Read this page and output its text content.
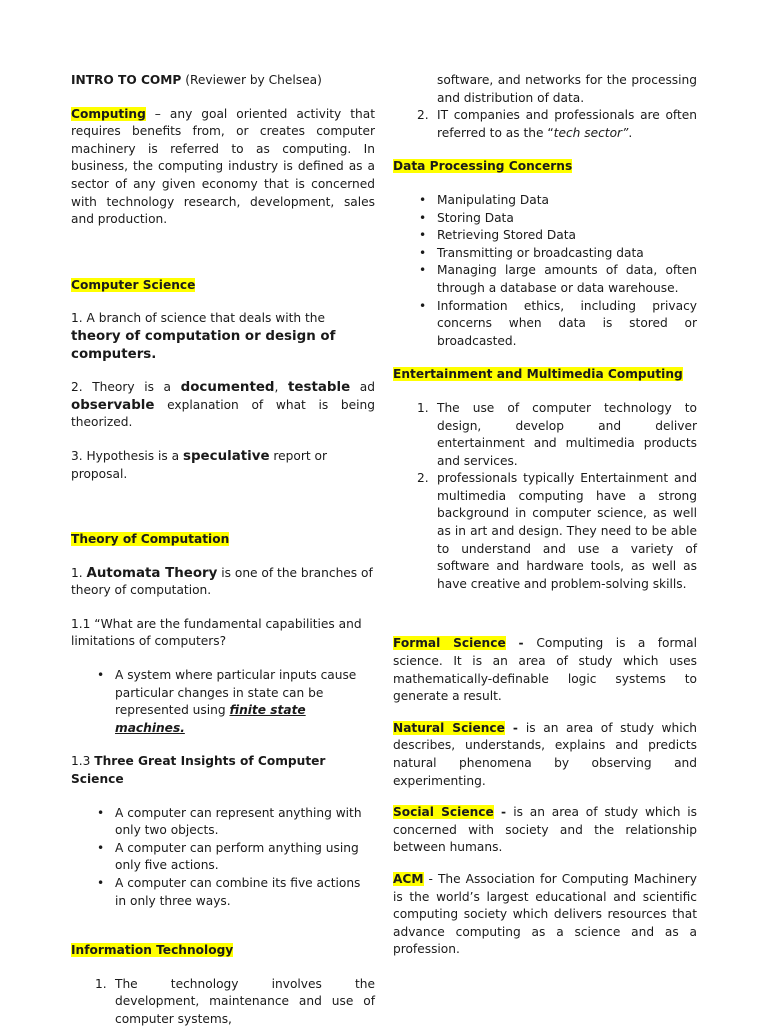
INTRO TO COMP (Reviewer by Chelsea)

Computing – any goal oriented activity that requires benefits from, or creates computer machinery is referred to as computing. In business, the computing industry is defined as a sector of any given economy that is concerned with technology research, development, sales and production.

Computer Science

1. A branch of science that deals with the theory of computation or design of computers.

2. Theory is a documented, testable ad observable explanation of what is being theorized.

3. Hypothesis is a speculative report or proposal.

Theory of Computation

1. Automata Theory is one of the branches of theory of computation.

1.1 “What are the fundamental capabilities and limitations of computers?

• A system where particular inputs cause particular changes in state can be represented using finite state machines.

1.3 Three Great Insights of Computer Science

• A computer can represent anything with only two objects.
• A computer can perform anything using only five actions.
• A computer can combine its five actions in only three ways.

Information Technology

1. The technology involves the development, maintenance and use of computer systems,
software, and networks for the processing and distribution of data.
2. IT companies and professionals are often referred to as the “tech sector”.

Data Processing Concerns

• Manipulating Data
• Storing Data
• Retrieving Stored Data
• Transmitting or broadcasting data
• Managing large amounts of data, often through a database or data warehouse.
• Information ethics, including privacy concerns when data is stored or broadcasted.

Entertainment and Multimedia Computing

1. The use of computer technology to design, develop and deliver entertainment and multimedia products and services.
2. professionals typically Entertainment and multimedia computing have a strong background in computer science, as well as in art and design. They need to be able to understand and use a variety of software and hardware tools, as well as have creative and problem-solving skills.

Formal Science - Computing is a formal science. It is an area of study which uses mathematically-definable logic systems to generate a result.

Natural Science - is an area of study which describes, understands, explains and predicts natural phenomena by observing and experimenting.

Social Science - is an area of study which is concerned with society and the relationship between humans.

ACM - The Association for Computing Machinery is the world’s largest educational and scientific computing society which delivers resources that advance computing as a science and as a profession.
